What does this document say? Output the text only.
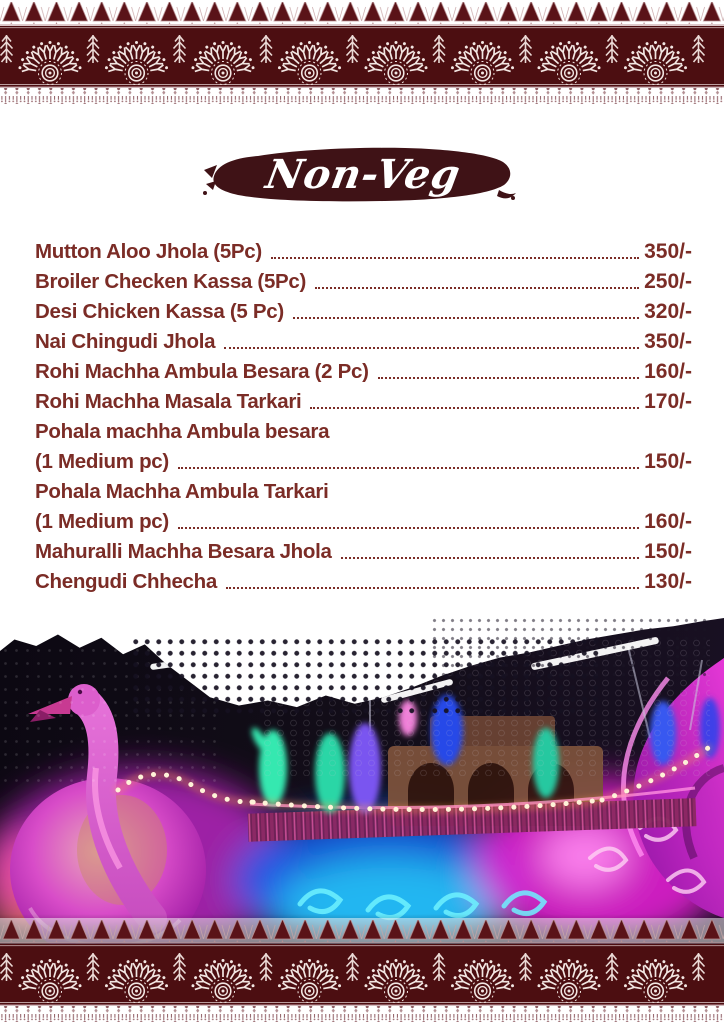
Non-Veg
Mutton Aloo Jhola (5Pc)	350/-
Broiler Checken Kassa (5Pc)	250/-
Desi Chicken Kassa (5 Pc)	320/-
Nai Chingudi Jhola	350/-
Rohi Machha Ambula Besara (2 Pc)	160/-
Rohi Machha Masala Tarkari	170/-
Pohala machha Ambula besara
(1 Medium pc)	150/-
Pohala Machha Ambula Tarkari
(1 Medium pc)	160/-
Mahuralli Machha Besara Jhola	150/-
Chengudi Chhecha	130/-
